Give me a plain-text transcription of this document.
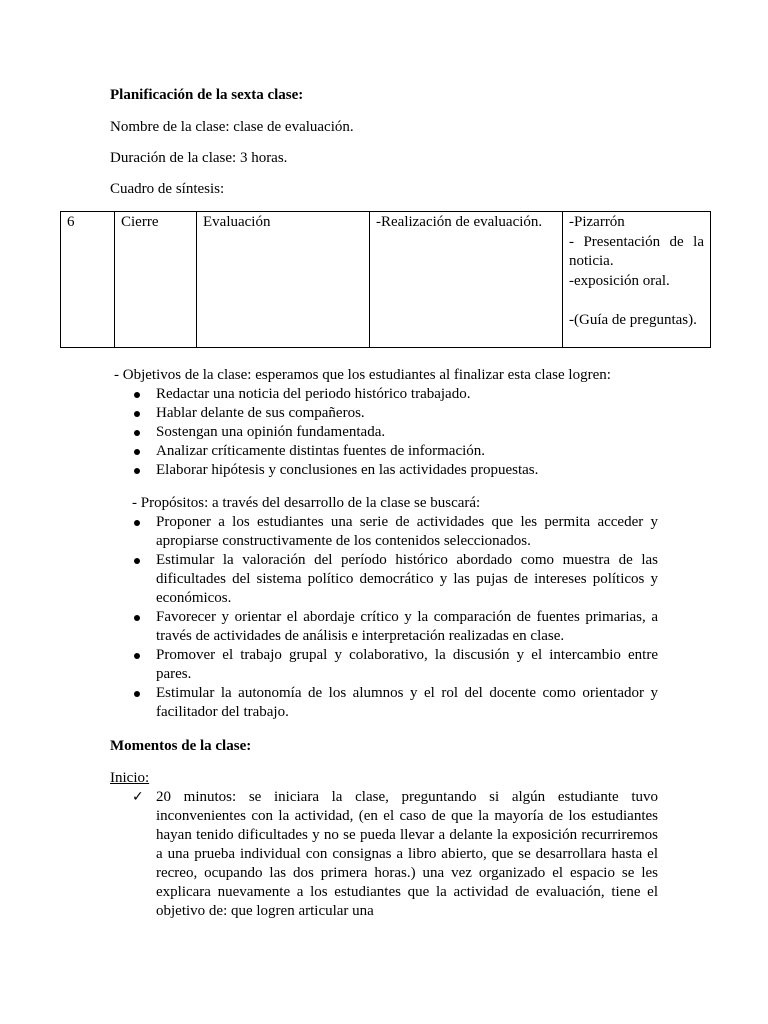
Planificación de la sexta clase:

Nombre de la clase: clase de evaluación.

Duración de la clase: 3 horas.

Cuadro de síntesis:

6	Cierre	Evaluación	-Realización de evaluación.	-Pizarrón
- Presentación de la
noticia.
-exposición oral.
-(Guía de preguntas).

- Objetivos de la clase: esperamos que los estudiantes al finalizar esta clase logren:

Redactar una noticia del periodo histórico trabajado.
Hablar delante de sus compañeros.
Sostengan una opinión fundamentada.
Analizar críticamente distintas fuentes de información.
Elaborar hipótesis y conclusiones en las actividades propuestas.

- Propósitos: a través del desarrollo de la clase se buscará:

Proponer a los estudiantes una serie de actividades que les permita acceder y apropiarse constructivamente de los contenidos seleccionados.
Estimular la valoración del período histórico abordado como muestra de las dificultades del sistema político democrático y las pujas de intereses políticos y económicos.
Favorecer y orientar el abordaje crítico y la comparación de fuentes primarias, a través de actividades de análisis e interpretación realizadas en clase.
Promover el trabajo grupal y colaborativo, la discusión y el intercambio entre pares.
Estimular la autonomía de los alumnos y el rol del docente como orientador y facilitador del trabajo.

Momentos de la clase:

Inicio:

✓ 20 minutos: se iniciara la clase, preguntando si algún estudiante tuvo inconvenientes con la actividad, (en el caso de que la mayoría de los estudiantes hayan tenido dificultades y no se pueda llevar a delante la exposición recurriremos a una prueba individual con consignas a libro abierto, que se desarrollara hasta el recreo, ocupando las dos primera horas.) una vez organizado el espacio se les explicara nuevamente a los estudiantes que la actividad de evaluación, tiene el objetivo de: que logren articular una
